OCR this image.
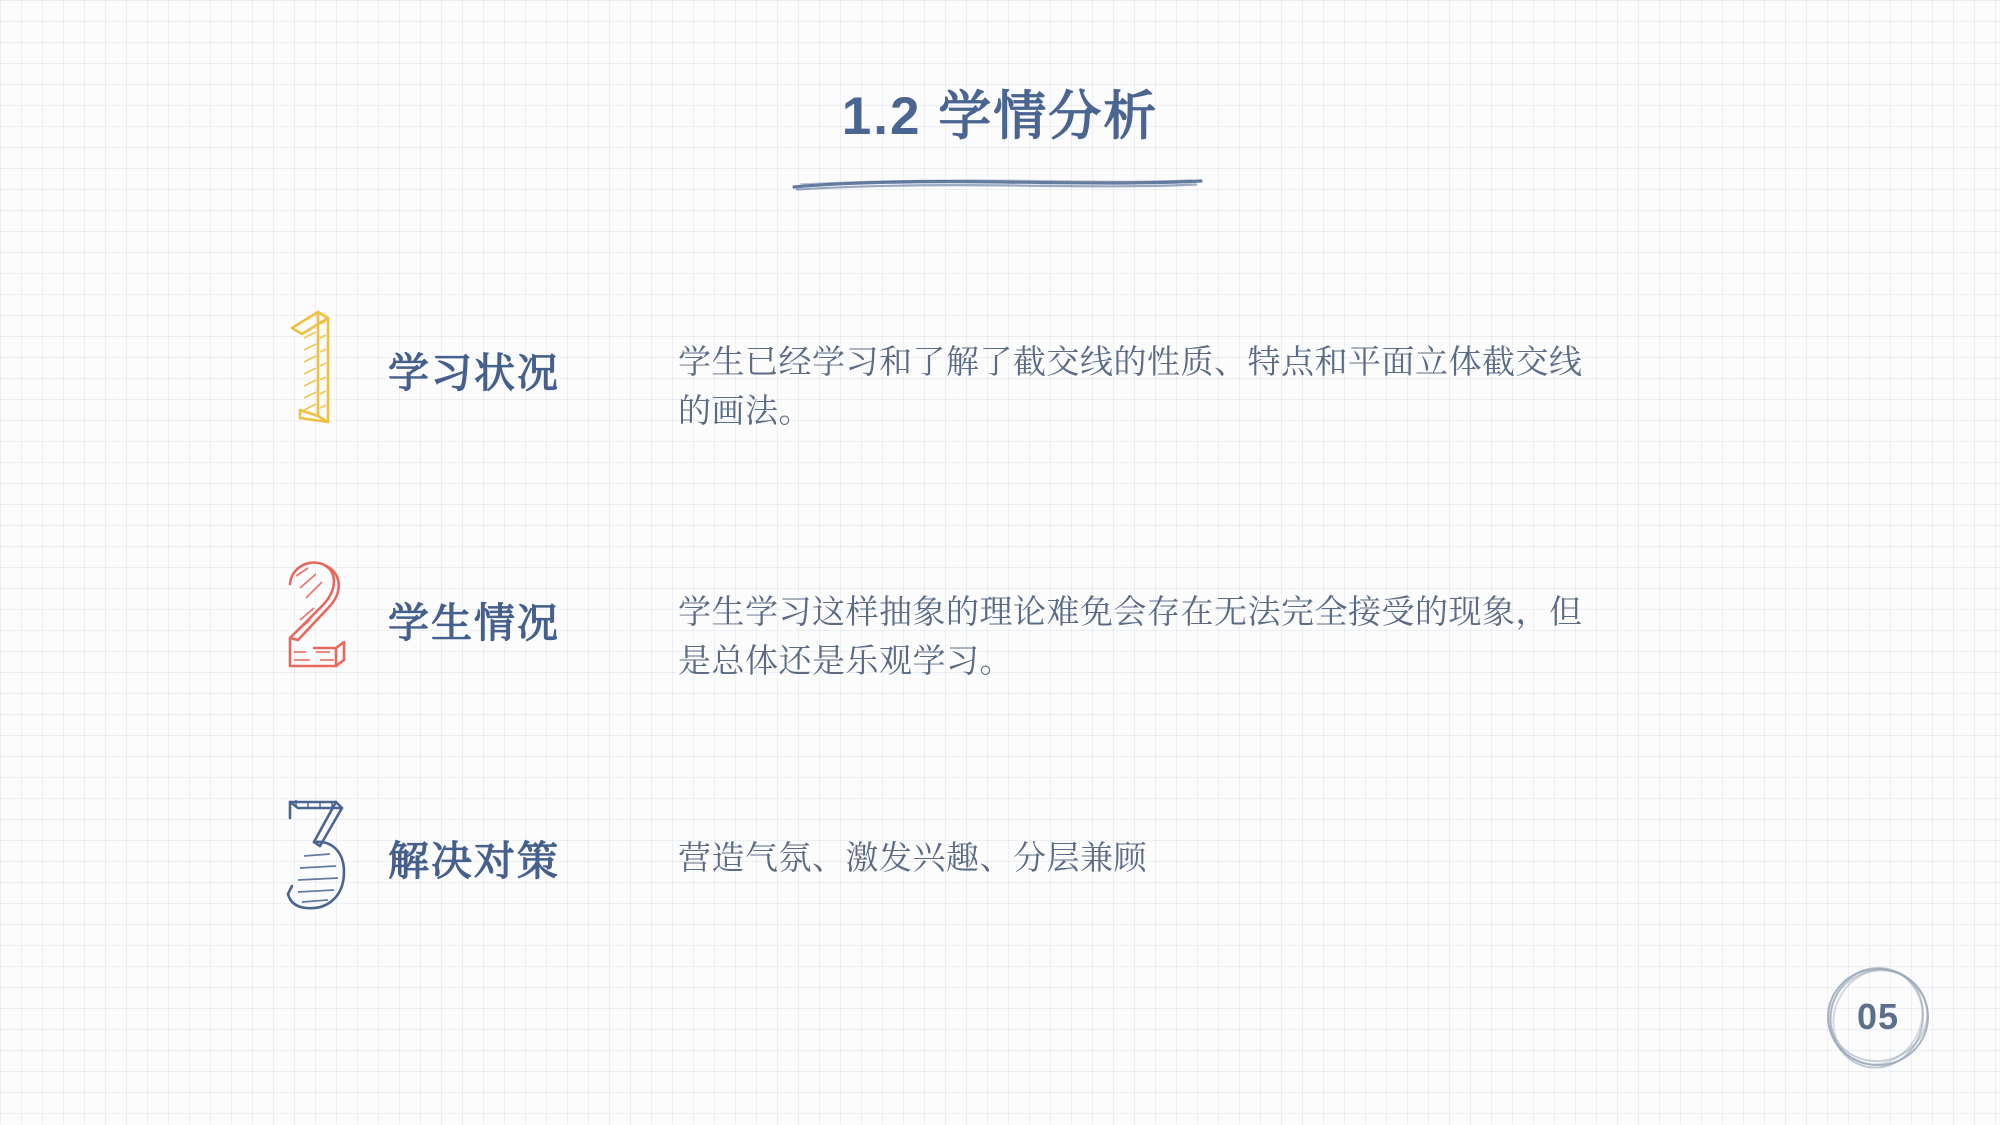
1.2 学情分析
学习状况	学生已经学习和了解了截交线的性质、特点和平面立体截交线的画法。
学生情况	学生学习这样抽象的理论难免会存在无法完全接受的现象，但是总体还是乐观学习。
解决对策	营造气氛、激发兴趣、分层兼顾
05
